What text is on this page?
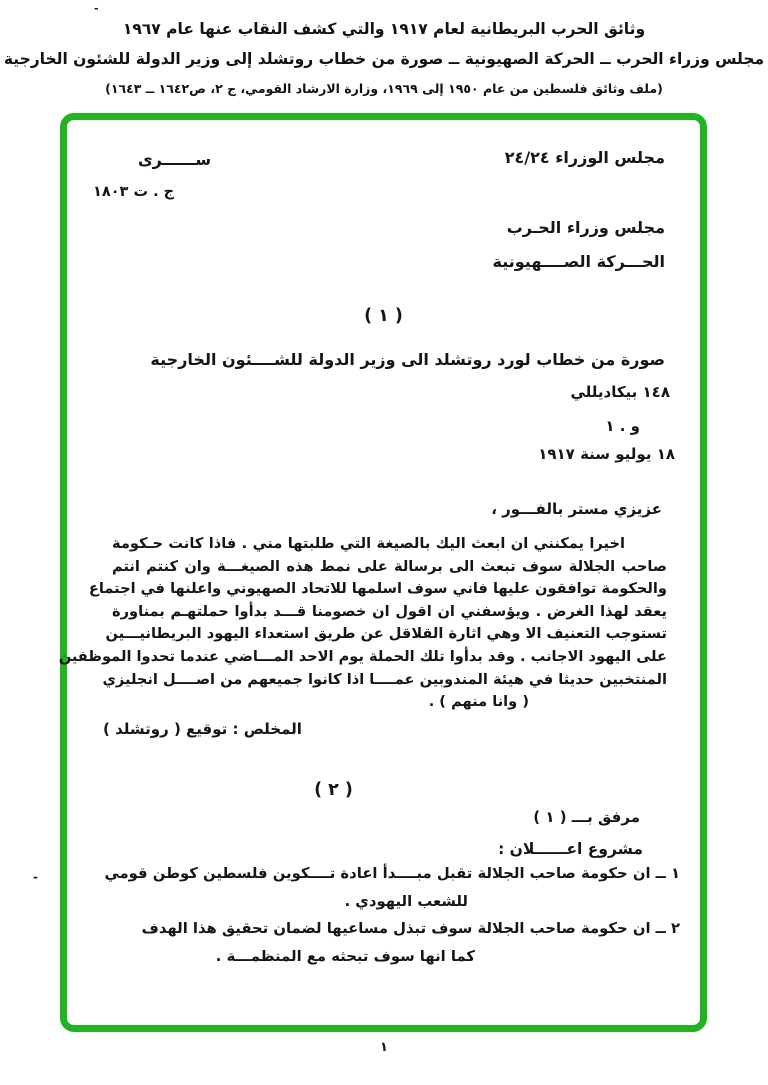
وثائق الحرب البريطانية لعام ١٩١٧ والتي كشف النقاب عنها عام ١٩٦٧
مجلس وزراء الحرب ــ الحركة الصهيونية ــ صورة من خطاب روتشلد إلى وزير الدولة للشئون الخارجية
(ملف وثائق فلسطين من عام ١٩٥٠ إلى ١٩٦٩، وزارة الارشاد القومي، ج ٢، ص١٦٤٢ ــ ١٦٤٣)
-
-
مجلس الوزراء ٢٤/٢٤
ســــــرى
ج . ت ١٨٠٣
مجلس وزراء الحـرب
الحـــركة الصــــهيونية
( ١ )
صورة من خطاب لورد روتشلد الى وزير الدولة للشــــئون الخارجية
١٤٨ بيكاديللي
و . ١
١٨ يوليو سنة ١٩١٧
عزيزي مستر بالفـــور ،
اخيرا يمكنني ان ابعث اليك بالصيغة التي طلبتها مني . فاذا كانت حـكومة
صاحب الجلالة سوف تبعث الى برسالة على نمط هذه الصيغـــة وان كنتم انتم
والحكومة توافقون عليها فاني سوف اسلمها للاتحاد الصهيوني واعلنها في اجتماع
يعقد لهذا الغرض . ويؤسفني ان اقول ان خصومنا قـــد بدأوا حملتهـم بمناورة
تستوجب التعنيف الا وهي اثارة القلاقل عن طريق استعداء اليهود البريطانيـــين
على اليهود الاجانب . وقد بدأوا تلك الحملة يوم الاحد المـــاضي عندما تحدوا الموظفين
المنتخبين حديثا في هيئة المندوبين عمــــا اذا كانوا جميعهم من اصــــل انجليزي
( وانا منهم ) .
المخلص : توقيع ( روتشلد )
( ٢ )
مرفق بـــ ( ١ )
مشروع اعــــــلان :
١ ــ ان حكومة صاحب الجلالة تقبل مبــــدأ اعادة تــــكوين فلسطين كوطن قومي
للشعب اليهودي .
٢ ــ ان حكومة صاحب الجلالة سوف تبذل مساعيها لضمان تحقيق هذا الهدف
كما انها سوف تبحثه مع المنظمـــة .
١
